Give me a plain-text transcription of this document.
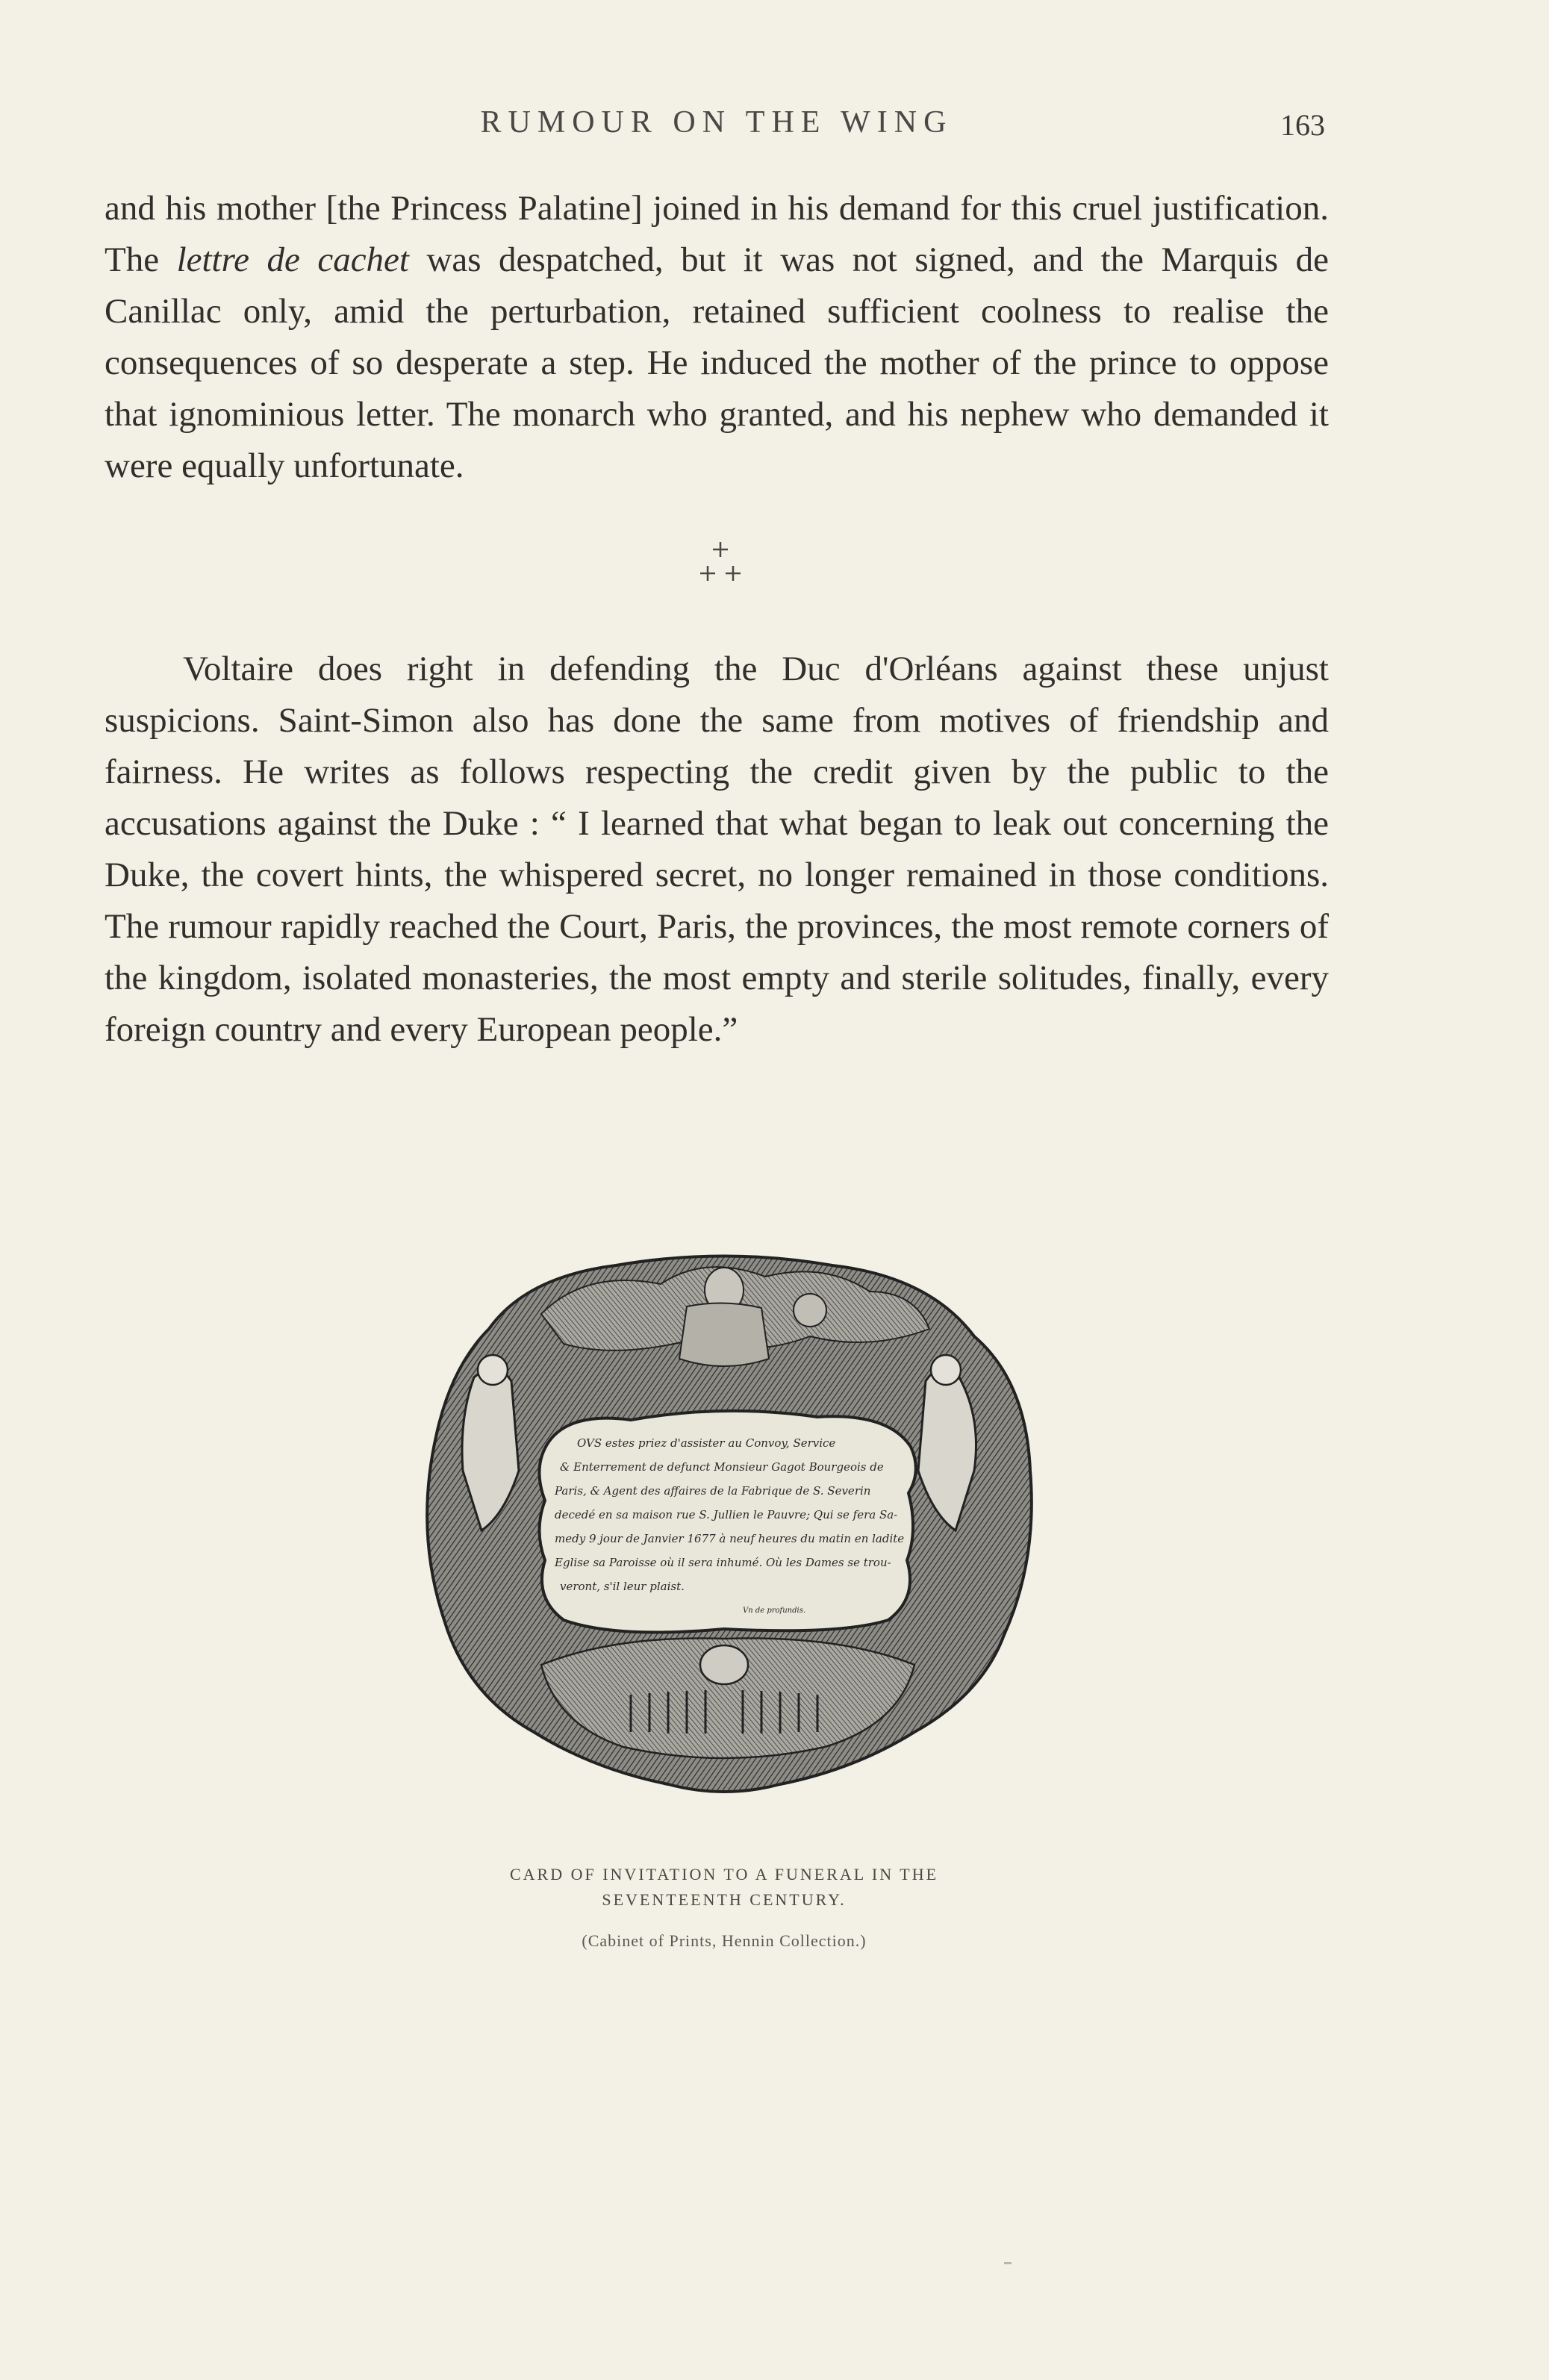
RUMOUR ON THE WING	163
and his mother [the Princess Palatine] joined in his demand for this cruel justification. The lettre de cachet was despatched, but it was not signed, and the Marquis de Canillac only, amid the perturbation, retained sufficient coolness to realise the consequences of so desperate a step. He induced the mother of the prince to oppose that ignominious letter. The monarch who granted, and his nephew who demanded it were equally unfortunate.
Voltaire does right in defending the Duc d'Orléans against these unjust suspicions. Saint-Simon also has done the same from motives of friendship and fairness. He writes as follows respecting the credit given by the public to the accusations against the Duke : “ I learned that what began to leak out concerning the Duke, the covert hints, the whispered secret, no longer remained in those conditions. The rumour rapidly reached the Court, Paris, the provinces, the most remote corners of the kingdom, isolated monasteries, the most empty and sterile solitudes, finally, every foreign country and every European people.”
OVS estes priez d'assister au Convoy, Service
& Enterrement de defunct Monsieur Gagot Bourgeois de
Paris, & Agent des affaires de la Fabrique de S. Severin
decedé en sa maison rue S. Jullien le Pauvre; Qui se fera Sa-
medy 9 jour de Janvier 1677 à neuf heures du matin en ladite
Eglise sa Paroisse où il sera inhumé. Où les Dames se trou-
veront, s'il leur plaist.
Vn de profundis.
CARD OF INVITATION TO A FUNERAL IN THE
SEVENTEENTH CENTURY.
(Cabinet of Prints, Hennin Collection.)
